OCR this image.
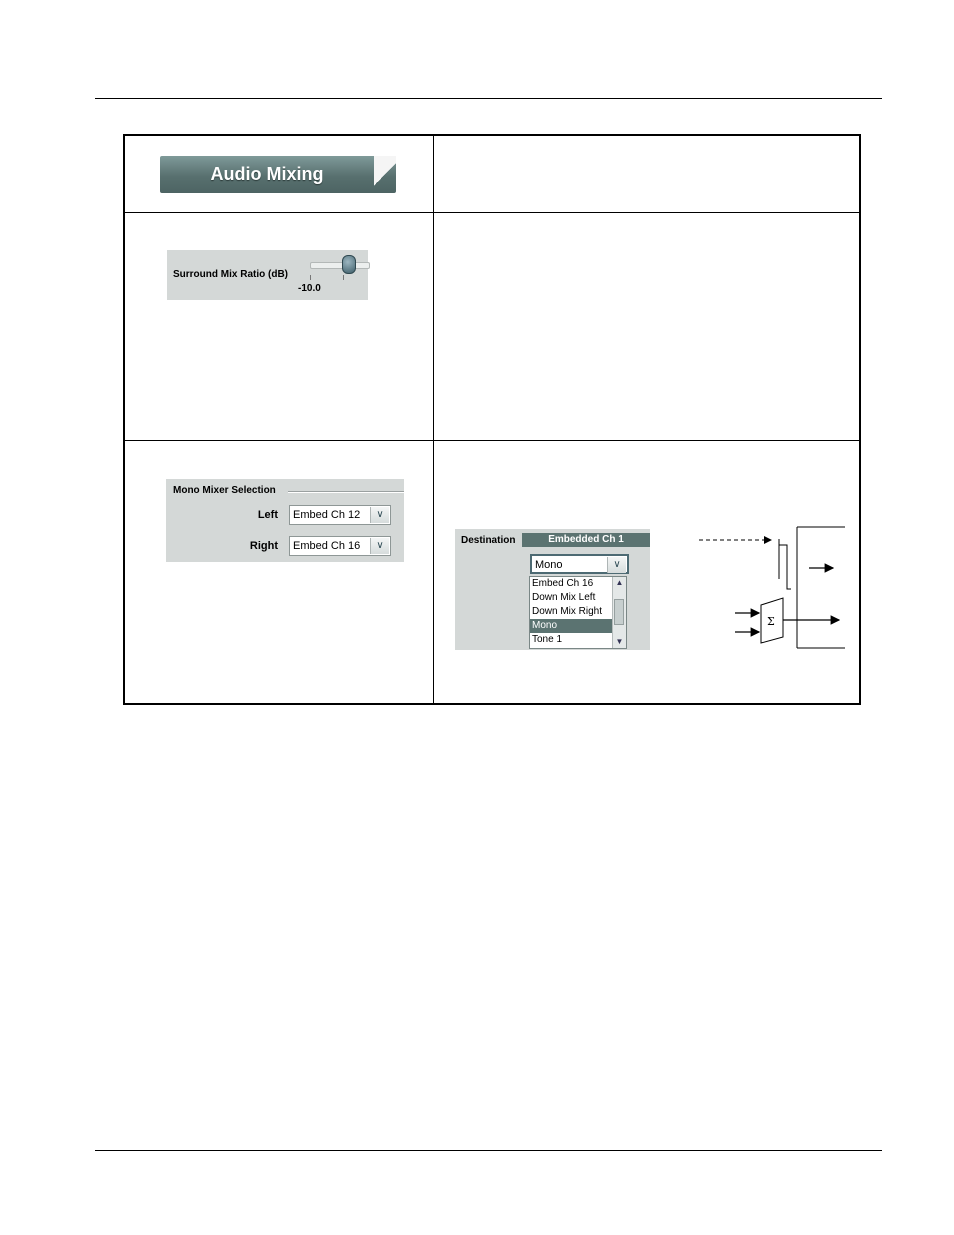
Audio Mixing
Surround Mix Ratio (dB)
-10.0
Mono Mixer Selection
Left Embed Ch 12	∨
Right Embed Ch 16	∨	Destination	Embedded Ch 1
Mono	∨
Embed Ch 16
Down Mix Left
Down Mix Right
Mono
Tone 1
▲
▼
Σ
